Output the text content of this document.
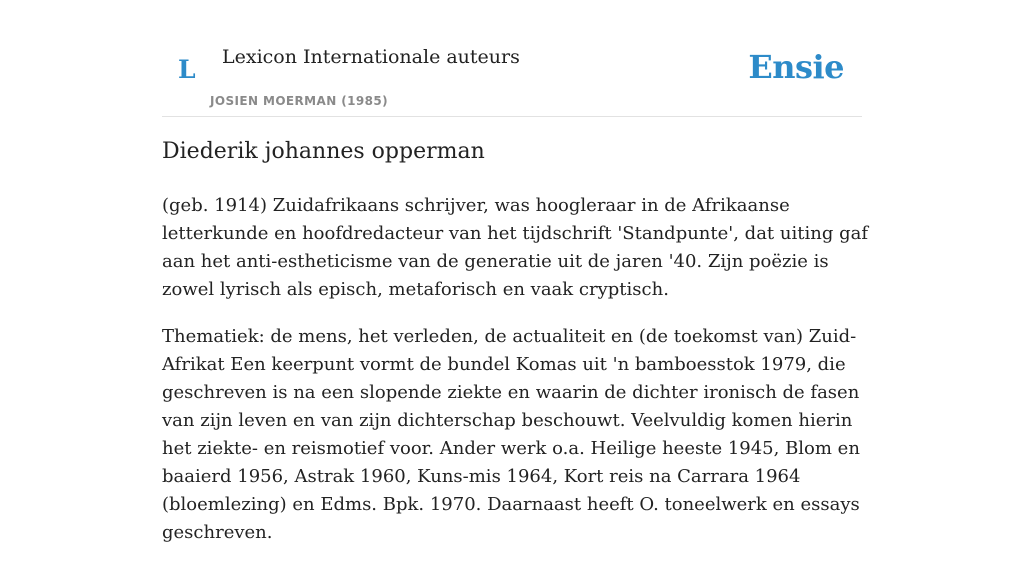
L Lexicon Internationale auteurs
JOSIEN MOERMAN (1985)
Ensie
Diederik johannes opperman

(geb. 1914) Zuidafrikaans schrijver, was hoogleraar in de Afrikaanse letterkunde en hoofdredacteur van het tijdschrift 'Standpunte', dat uiting gaf aan het anti-estheticisme van de generatie uit de jaren '40. Zijn poëzie is zowel lyrisch als episch, metaforisch en vaak cryptisch.

Thematiek: de mens, het verleden, de actualiteit en (de toekomst van) Zuid-Afrikat Een keerpunt vormt de bundel Komas uit 'n bamboesstok 1979, die geschreven is na een slopende ziekte en waarin de dichter ironisch de fasen van zijn leven en van zijn dichterschap beschouwt. Veelvuldig komen hierin het ziekte- en reismotief voor. Ander werk o.a. Heilige heeste 1945, Blom en baaierd 1956, Astrak 1960, Kuns-mis 1964, Kort reis na Carrara 1964 (bloemlezing) en Edms. Bpk. 1970. Daarnaast heeft O. toneelwerk en essays geschreven.
